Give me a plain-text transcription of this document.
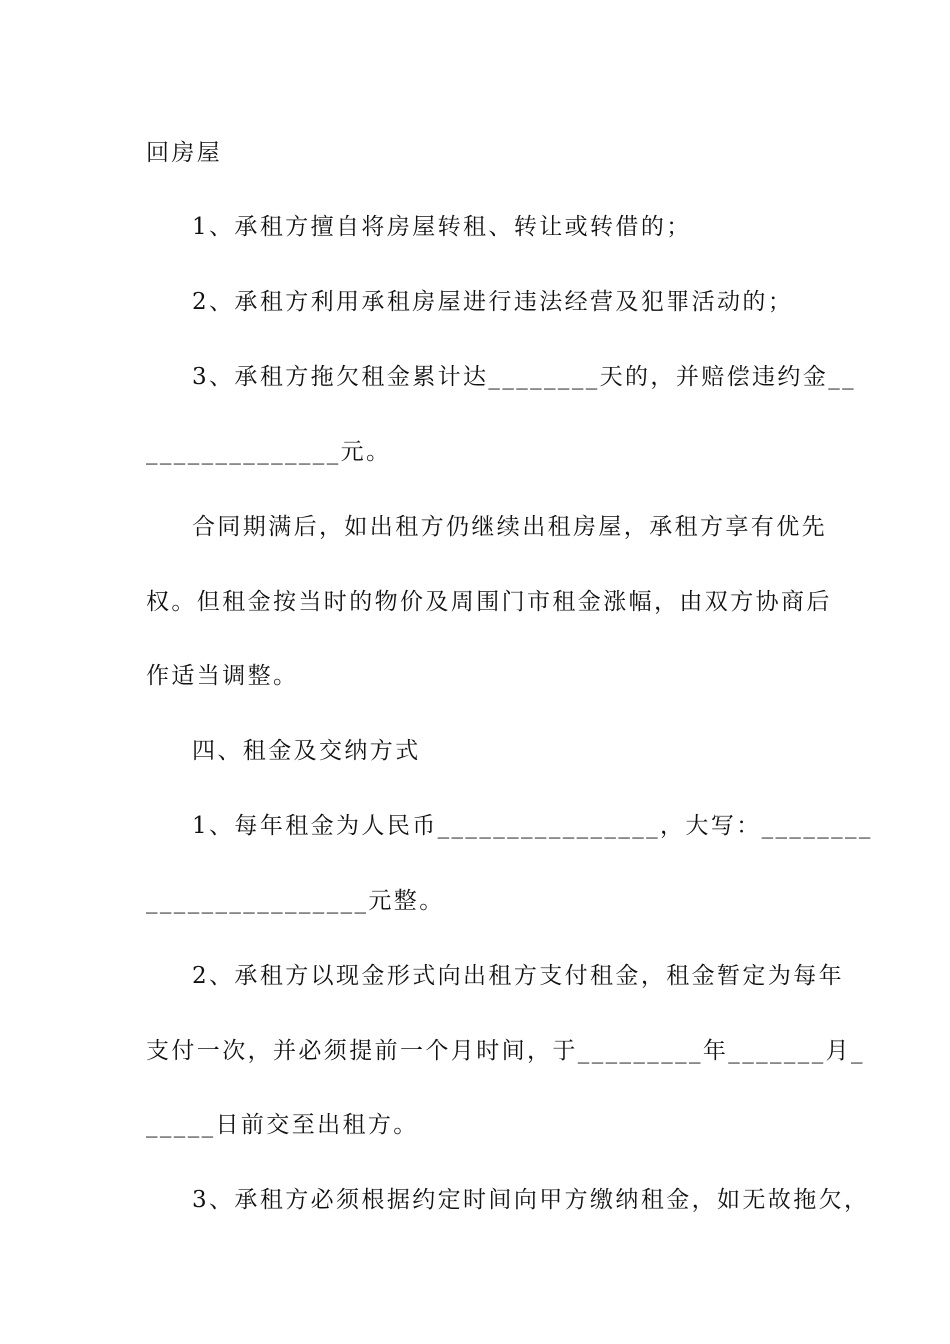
回房屋
1、承租方擅自将房屋转租、转让或转借的；
2、承租方利用承租房屋进行违法经营及犯罪活动的；
3、承租方拖欠租金累计达________天的，并赔偿违约金__
______________元。
合同期满后，如出租方仍继续出租房屋，承租方享有优先
权。但租金按当时的物价及周围门市租金涨幅，由双方协商后
作适当调整。
四、租金及交纳方式
1、每年租金为人民币________________，大写：________
________________元整。
2、承租方以现金形式向出租方支付租金，租金暂定为每年
支付一次，并必须提前一个月时间，于_________年_______月_
_____日前交至出租方。
3、承租方必须根据约定时间向甲方缴纳租金，如无故拖欠，
